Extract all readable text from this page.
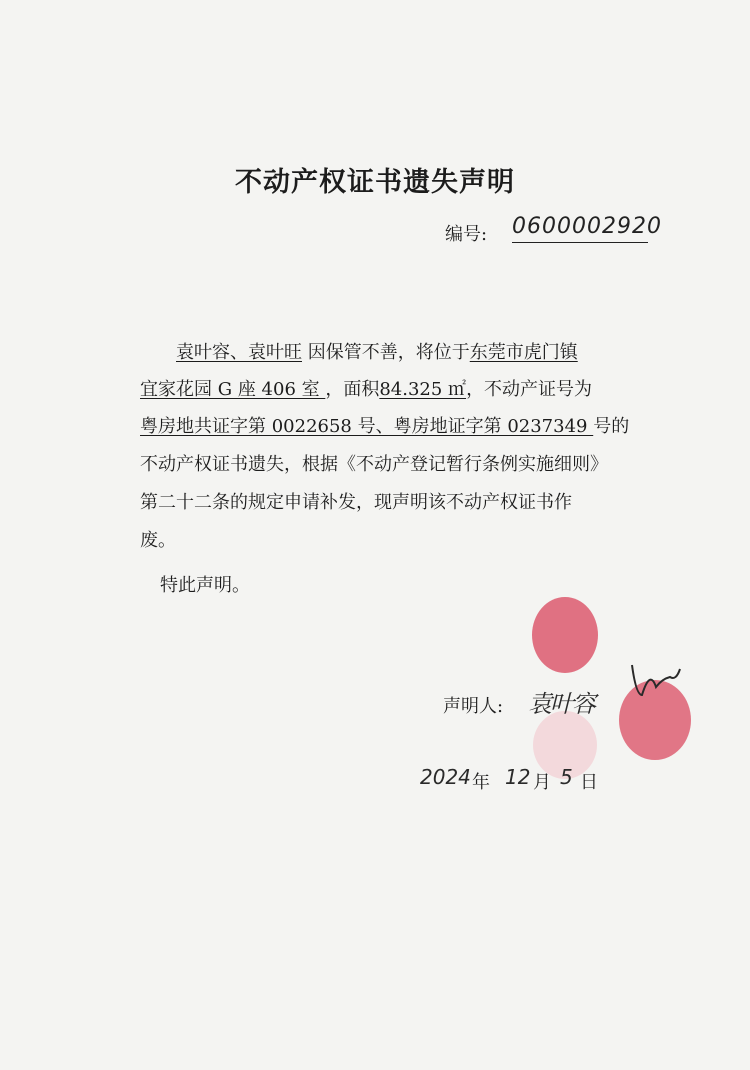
不动产权证书遗失声明
编号: 0600002920
袁叶容、袁叶旺 因保管不善，将位于东莞市虎门镇
宜家花园 G 座 406 室 ，面积84.325 ㎡，不动产证号为
粤房地共证字第 0022658 号、粤房地证字第 0237349 号的
不动产权证书遗失，根据《不动产登记暂行条例实施细则》
第二十二条的规定申请补发，现声明该不动产权证书作
废。
特此声明。
声明人: 袁叶容
2024 年 12 月 5 日
